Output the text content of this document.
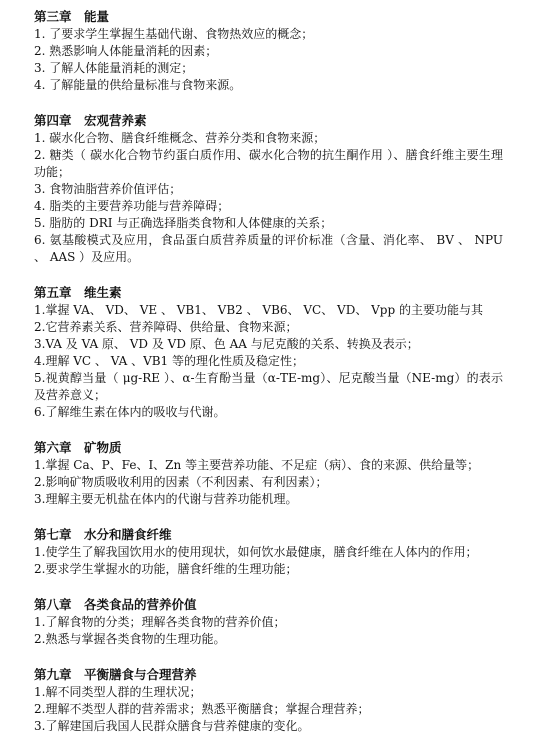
第三章　能量
1. 了要求学生掌握生基础代谢、食物热效应的概念；
2. 熟悉影响人体能量消耗的因素；
3. 了解人体能量消耗的测定；
4. 了解能量的供给量标准与食物来源。
第四章　宏观营养素
1. 碳水化合物、膳食纤维概念、营养分类和食物来源；
2. 糖类（ 碳水化合物节约蛋白质作用、碳水化合物的抗生酮作用 ）、膳食纤维主要生理功能；
3. 食物油脂营养价值评估；
4. 脂类的主要营养功能与营养障碍；
5. 脂肪的 DRI 与正确选择脂类食物和人体健康的关系；
6. 氨基酸模式及应用，食品蛋白质营养质量的评价标准（含量、消化率、 BV 、 NPU 、 AAS ）及应用。
第五章　维生素
1.掌握 VA、 VD、 VE 、 VB1、 VB2 、 VB6、 VC、 VD、 Vpp 的主要功能与其
2.它营养素关系、营养障碍、供给量、食物来源；
3.VA 及 VA 原、 VD 及 VD 原、色 AA 与尼克酸的关系、转换及表示；
4.理解 VC 、 VA 、VB1 等的理化性质及稳定性；
5.视黄醇当量（ μg-RE ）、α-生育酚当量（α-TE-mg）、尼克酸当量（NE-mg）的表示及营养意义；
6.了解维生素在体内的吸收与代谢。
第六章　矿物质
1.掌握 Ca、P、Fe、I、Zn 等主要营养功能、不足症（病）、食的来源、供给量等；
2.影响矿物质吸收利用的因素（不利因素、有利因素）；
3.理解主要无机盐在体内的代谢与营养功能机理。
第七章　水分和膳食纤维
1.使学生了解我国饮用水的使用现状，如何饮水最健康，膳食纤维在人体内的作用；
2.要求学生掌握水的功能，膳食纤维的生理功能；
第八章　各类食品的营养价值
1.了解食物的分类；理解各类食物的营养价值；
2.熟悉与掌握各类食物的生理功能。
第九章　平衡膳食与合理营养
1.解不同类型人群的生理状况；
2.理解不类型人群的营养需求；熟悉平衡膳食；掌握合理营养；
3.了解建国后我国人民群众膳食与营养健康的变化。
